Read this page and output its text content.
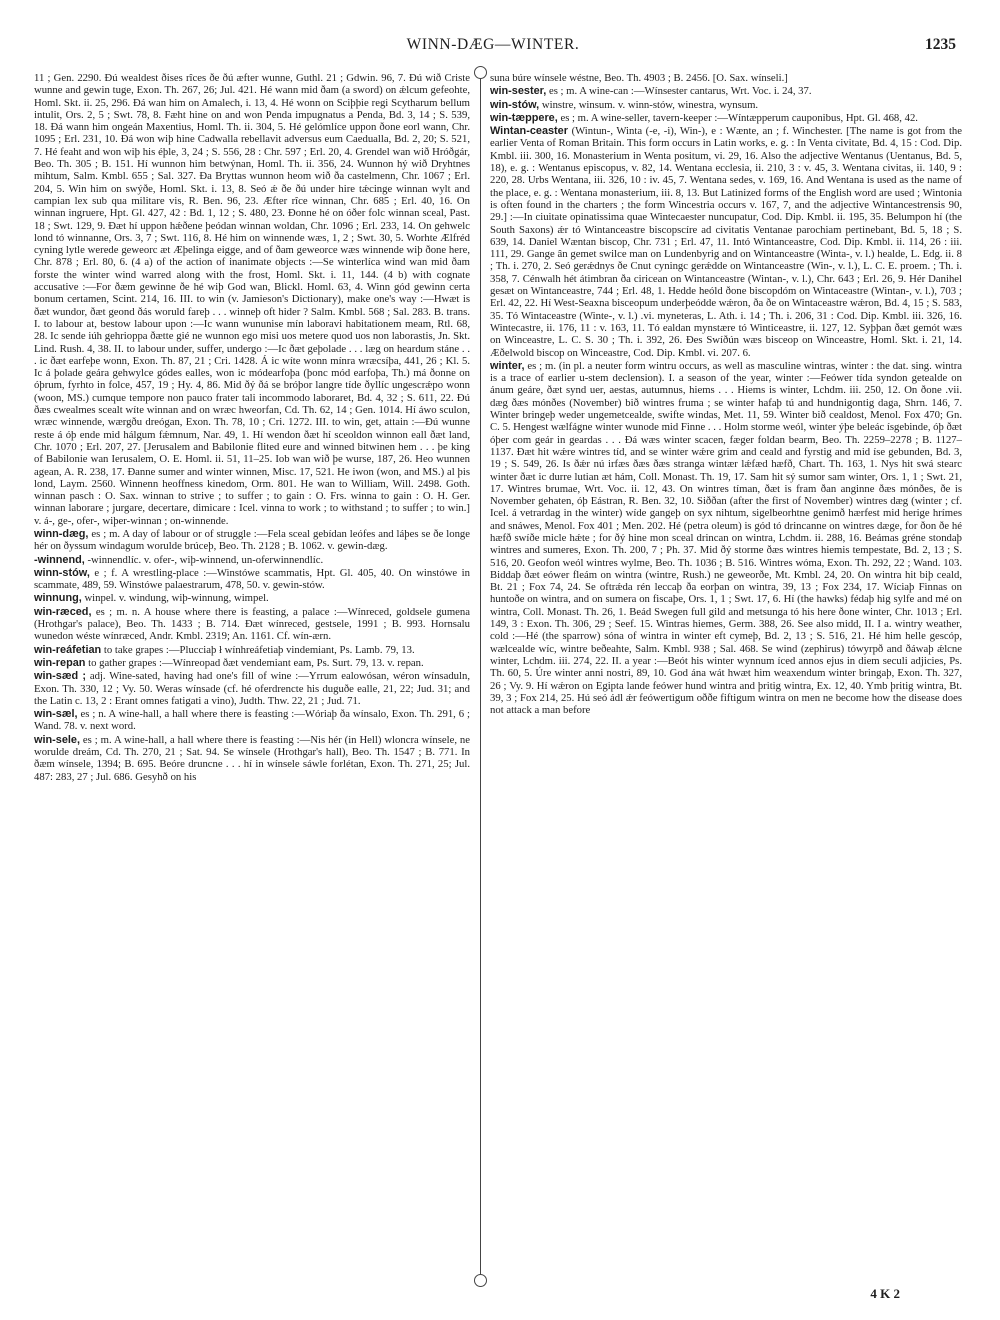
WINN-DÆG—WINTER.	1235

11 ; Gen. 2290. Ðú wealdest ðises rîces ðe ðú æfter wunne, Guthl. 21 ; Gdwin. 96, 7. Ðú wið Criste wunne and gewin tuge, Exon. Th. 267, 26; Jul. 421. Hé wann mid ðam (a sword) on ǽlcum gefeohte, Homl. Skt. ii. 25, 296. Ðá wan him on Amalech, i. 13, 4. Hé wonn on Sciþþie regi Scytharum bellum intulit, Ors. 2, 5 ; Swt. 78, 8. Fæht hine on and won Penda impugnatus a Penda, Bd. 3, 14 ; S. 539, 18. Ðá wann him ongeán Maxentius, Homl. Th. ii. 304, 5. Hé gelómlíce uppon ðone eorl wann, Chr. 1095 ; Erl. 231, 10. Ðá won wiþ hine Cadwalla rebellavit adversus eum Caedualla, Bd. 2, 20; S. 521, 7. Hé feaht and won wiþ his éþle, 3, 24 ; S. 556, 28 : Chr. 597 ; Erl. 20, 4. Grendel wan wið Hróðgár, Beo. Th. 305 ; B. 151. Hí wunnon him betwýnan, Homl. Th. ii. 356, 24. Wunnon hý wið Dryhtnes mihtum, Salm. Kmbl. 655 ; Sal. 327. Ða Bryttas wunnon heom wið ða castelmenn, Chr. 1067 ; Erl. 204, 5. Win him on swýðe, Homl. Skt. i. 13, 8. Seó ǽ ðe ðú under hire tǽcinge winnan wylt and campian lex sub qua militare vis, R. Ben. 96, 23. Æfter rîce winnan, Chr. 685 ; Erl. 40, 16. On winnan ingruere, Hpt. Gl. 427, 42 : Bd. 1, 12 ; S. 480, 23. Ðonne hé on óðer folc winnan sceal, Past. 18 ; Swt. 129, 9. Ðæt hí uppon hǽðene þeódan winnan woldan, Chr. 1096 ; Erl. 233, 14. On gehwelc lond tó winnanne, Ors. 3, 7 ; Swt. 116, 8. Hé him on winnende wæs, 1, 2 ; Swt. 30, 5. Worhte Ælfréd cyning lytle werede geweorc æt Æþelinga eigge, and of ðam geweorce wæs winnende wiþ ðone here, Chr. 878 ; Erl. 80, 6. (4 a) of the action of inanimate objects :—Se winterlíca wind wan mid ðam forste the winter wind warred along with the frost, Homl. Skt. i. 11, 144. (4 b) with cognate accusative :—For ðæm gewinne ðe hé wiþ God wan, Blickl. Homl. 63, 4. Winn gód gewinn certa bonum certamen, Scint. 214, 16. III. to win (v. Jamieson's Dictionary), make one's way :—Hwæt is ðæt wundor, ðæt geond ðás woruld fareþ . . . winneþ oft hider ? Salm. Kmbl. 568 ; Sal. 283. B. trans. I. to labour at, bestow labour upon :—Ic wann wununise mín laboravi habitationem meam, Rtl. 68, 28. Ic sende iúh gehrioppa ðætte gié ne wunnon ego misi uos metere quod uos non laborastis, Jn. Skt. Lind. Rush. 4, 38. II. to labour under, suffer, undergo :—Ic ðæt geþolade . . . læg on heardum stáne . . . ic ðæt earfeþe wonn, Exon. Th. 87, 21 ; Cri. 1428. Á ic wíte wonn mínra wræcsíþa, 441, 26 ; Kl. 5. Ic á þolade geára gehwylce gódes ealles, won ic módearfoþa (þonc mód earfoþa, Th.) má ðonne on óþrum, fyrhto in folce, 457, 19 ; Hy. 4, 86. Mid ðý ðá se bróþor langre tíde ðyllíc ungescrǽpo wonn (woon, MS.) cumque tempore non pauco frater tali incommodo laboraret, Bd. 4, 32 ; S. 611, 22. Ðú ðæs cwealmes scealt wíte winnan and on wræc hweorfan, Cd. Th. 62, 14 ; Gen. 1014. Hí áwo sculon, wræc winnende, wærgðu dreógan, Exon. Th. 78, 10 ; Cri. 1272. III. to win, get, attain :—Ðú wunne reste á óþ ende mid hálgum fǽmnum, Nar. 49, 1. Hí wendon ðæt hí sceoldon winnon eall ðæt land, Chr. 1070 ; Erl. 207, 27. [Jerusalem and Babilonie flited eure and winned bitwinen hem . . . þe king of Babilonie wan Ierusalem, O. E. Homl. ii. 51, 11–25. Iob wan wið þe wurse, 187, 26. Heo wunnen agean, A. R. 238, 17. Ðanne sumer and winter winnen, Misc. 17, 521. He iwon (won, and MS.) al þis lond, Laym. 2560. Winnenn heoffness kinedom, Orm. 801. He wan to William, Will. 2498. Goth. winnan pasch : O. Sax. winnan to strive ; to suffer ; to gain : O. Frs. winna to gain : O. H. Ger. winnan laborare ; jurgare, decertare, dimicare : Icel. vinna to work ; to withstand ; to suffer ; to win.] v. á-, ge-, ofer-, wiþer-winnan ; on-winnende.

winn-dæg, es ; m. A day of labour or of struggle :—Fela sceal gebídan leófes and láþes se ðe longe hér on ðyssum windagum worulde brúceþ, Beo. Th. 2128 ; B. 1062. v. gewin-dæg.

-winnend, -winnendlíc. v. ofer-, wiþ-winnend, un-oferwinnendlíc.

winn-stów, e ; f. A wrestling-place :—Winstówe scammatis, Hpt. Gl. 405, 40. On winstówe in scammate, 489, 59. Winstówe palaestrarum, 478, 50. v. gewin-stów.

winnung, winpel. v. windung, wiþ-winnung, wimpel.

win-ræced, es ; m. n. A house where there is feasting, a palace :—Wínreced, goldsele gumena (Hrothgar's palace), Beo. Th. 1433 ; B. 714. Ðæt wínreced, gestsele, 1991 ; B. 993. Hornsalu wunedon wéste wínræced, Andr. Kmbl. 2319; An. 1161. Cf. wín-ærn.

win-reáfetian to take grapes :—Plucciaþ ł wínhreáfetiaþ vindemiant, Ps. Lamb. 79, 13.

win-repan to gather grapes :—Wínreopad ðæt vendemiant eam, Ps. Surt. 79, 13. v. repan.

win-sæd ; adj. Wine-sated, having had one's fill of wine :—Yrrum ealowósan, wéron wínsaduln, Exon. Th. 330, 12 ; Vy. 50. Weras wínsade (cf. hé oferdrencte his duguðe ealle, 21, 22; Jud. 31; and the Latin c. 13, 2 : Erant omnes fatigati a vino), Judth. Thw. 22, 21 ; Jud. 71.

win-sæl, es ; n. A wine-hall, a hall where there is feasting :—Wóriaþ ða wínsalo, Exon. Th. 291, 6 ; Wand. 78. v. next word.

win-sele, es ; m. A wine-hall, a hall where there is feasting :—Nis hér (in Hell) wloncra wínsele, ne worulde dreám, Cd. Th. 270, 21 ; Sat. 94. Se wínsele (Hrothgar's hall), Beo. Th. 1547 ; B. 771. In ðæm wínsele, 1394; B. 695. Beóre druncne . . . hí in wínsele sáwle forlétan, Exon. Th. 271, 25; Jul. 487: 283, 27 ; Jul. 686. Gesyhð on his

suna búre wínsele wéstne, Beo. Th. 4903 ; B. 2456. [O. Sax. wínseli.]

win-sester, es ; m. A wine-can :—Wínsester cantarus, Wrt. Voc. i. 24, 37.

win-stów, winstre, winsum. v. winn-stów, winestra, wynsum.

win-tæppere, es ; m. A wine-seller, tavern-keeper :—Wíntæpperum cauponibus, Hpt. Gl. 468, 42.

Wintan-ceaster (Wintun-, Winta (-e, -i), Win-), e : Wænte, an ; f. Winchester. [The name is got from the earlier Venta of Roman Britain. This form occurs in Latin works, e. g. : In Venta civitate, Bd. 4, 15 : Cod. Dip. Kmbl. iii. 300, 16. Monasterium in Wenta positum, vi. 29, 16. Also the adjective Wentanus (Uentanus, Bd. 5, 18), e. g. : Wentanus episcopus, v. 82, 14. Wentana ecclesia, ii. 210, 3 : v. 45, 3. Wentana civitas, ii. 140, 9 : 220, 28. Urbs Wentana, iii. 326, 10 : iv. 45, 7. Wentana sedes, v. 169, 16. And Wentana is used as the name of the place, e. g. : Wentana monasterium, iii. 8, 13. But Latinized forms of the English word are used ; Wintonia is often found in the charters ; the form Wincestria occurs v. 167, 7, and the adjective Wintancestrensis 90, 29.] :—In ciuitate opinatissima quae Wintecaester nuncupatur, Cod. Dip. Kmbl. ii. 195, 35. Belumpon hí (the South Saxons) ǽr tó Wintanceastre biscopscíre ad civitatis Ventanae parochiam pertinebant, Bd. 5, 18 ; S. 639, 14. Daniel Wæntan biscop, Chr. 731 ; Erl. 47, 11. Intó Wintanceastre, Cod. Dip. Kmbl. ii. 114, 26 : iii. 111, 29. Gange ân gemet swilce man on Lundenbyrig and on Wintanceastre (Winta-, v. l.) healde, L. Edg. ii. 8 ; Th. i. 270, 2. Seó gerǽdnys ðe Cnut cyningc gerǽdde on Wintanceastre (Win-, v. l.), L. C. E. proem. ; Th. i. 358, 7. Cénwalh hét átimbran ða ciricean on Wintanceastre (Wintan-, v. l.), Chr. 643 ; Erl. 26, 9. Hér Danihel gesæt on Wintanceastre, 744 ; Erl. 48, 1. Hedde heóld ðone biscopdóm on Wintaceastre (Wintan-, v. l.), 703 ; Erl. 42, 22. Hí West-Seaxna bisceopum underþeóddе wǽron, ða ðe on Wintaceastre wǽron, Bd. 4, 15 ; S. 583, 35. Tó Wintaceastre (Winte-, v. l.) .vi. myneteras, L. Ath. i. 14 ; Th. i. 206, 31 : Cod. Dip. Kmbl. iii. 326, 16. Wintecastre, ii. 176, 11 : v. 163, 11. Tó ealdan mynstære tó Winticeastre, ii. 127, 12. Syþþan ðæt gemót wæs on Winceastre, L. C. S. 30 ; Th. i. 392, 26. Ðes Swíðún wæs bisceop on Winceastre, Homl. Skt. i. 21, 14. Æðelwold biscop on Winceastre, Cod. Dip. Kmbl. vi. 207. 6.

winter, es ; m. (in pl. a neuter form wintru occurs, as well as masculine wintras, winter : the dat. sing. wintra is a trace of earlier u-stem declension). I. a season of the year, winter :—Feówer tída syndon getealde on ánum geáre, ðæt synd uer, aestas, autumnus, hiems . . . Hiems is winter, Lchdm. iii. 250, 12. On ðone .vii. dæg ðæs mónðes (November) bið wintres fruma ; se winter hafaþ tú and hundnigontig daga, Shrn. 146, 7. Winter bringeþ weder ungemetcealde, swifte windas, Met. 11, 59. Winter bið cealdost, Menol. Fox 470; Gn. C. 5. Hengest wælfágne winter wunode mid Finne . . . Holm storme weól, winter ýþe beleác ísgebinde, óþ ðæt óþer com geár in geardas . . . Ðá wæs winter scacen, fæger foldan bearm, Beo. Th. 2259–2278 ; B. 1127–1137. Ðæt hit wǽre wintres tíd, and se winter wǽre grim and ceald and fyrstig and mid íse gebunden, Bd. 3, 19 ; S. 549, 26. Is ðǽr nú irfæs ðæs ðæs stranga wintær lǽfæd hæfð, Chart. Th. 163, 1. Nys hit swá stearc winter ðæt ic durre lutian æt hám, Coll. Monast. Th. 19, 17. Sam hit sý sumor sam winter, Ors. 1, 1 ; Swt. 21, 17. Wintres brumae, Wrt. Voc. ii. 12, 43. On wintres tíman, ðæt is fram ðan anginne ðæs mónðes, ðe is November gehaten, óþ Eástran, R. Ben. 32, 10. Siððan (after the first of November) wintres dæg (winter ; cf. Icel. á vetrardag in the winter) wíde gangeþ on syx nihtum, sigelbeorhtne genimð hærfest mid herige hrímes and snáwes, Menol. Fox 401 ; Men. 202. Hé (petra oleum) is gód tó drincanne on wintres dæge, for ðon ðe hé hæfð swíðe micle hǽte ; for ðý hine mon sceal drincan on wintra, Lchdm. ii. 288, 16. Beámas gréne stondaþ wintres and sumeres, Exon. Th. 200, 7 ; Ph. 37. Mid ðý storme ðæs wintres hiemis tempestate, Bd. 2, 13 ; S. 516, 20. Geofon weól wintres wylme, Beo. Th. 1036 ; B. 516. Wintres wóma, Exon. Th. 292, 22 ; Wand. 103. Biddaþ ðæt eówer fleám on wintra (wintre, Rush.) ne geweorðe, Mt. Kmbl. 24, 20. On wintra hit biþ ceald, Bt. 21 ; Fox 74, 24. Se oftrǽda rén leccaþ ða eorþan on wintra, 39, 13 ; Fox 234, 17. Wíciaþ Finnas on huntoðe on wintra, and on sumera on fiscaþe, Ors. 1, 1 ; Swt. 17, 6. Hí (the hawks) fédaþ hig sylfe and mé on wintra, Coll. Monast. Th. 26, 1. Beád Swegen full gild and metsunga tó his here ðone winter, Chr. 1013 ; Erl. 149, 3 : Exon. Th. 306, 29 ; Seef. 15. Wintras hiemes, Germ. 388, 26. See also midd, II. I a. wintry weather, cold :—Hé (the sparrow) sóna of wintra in winter eft cymeþ, Bd. 2, 13 ; S. 516, 21. Hé him helle gescóp, wælcealde wíc, wintre beðeahte, Salm. Kmbl. 938 ; Sal. 468. Se wind (zephirus) tówyrpð and ðáwaþ ǽlcne winter, Lchdm. iii. 274, 22. II. a year :—Beót his winter wynnum íced annos ejus in diem seculi adjicies, Ps. Th. 60, 5. Úre winter anni nostri, 89, 10. God ána wát hwæt him weaxendum winter bringaþ, Exon. Th. 327, 26 ; Vy. 9. Hí wǽron on Egipta lande feówer hund wintra and þritig wintra, Ex. 12, 40. Ymb þritig wintra, Bt. 39, 3 ; Fox 214, 25. Hú seó ádl ǽr feówertigum oððe fiftigum wintra on men ne become how the disease does not attack a man before

4 K 2
